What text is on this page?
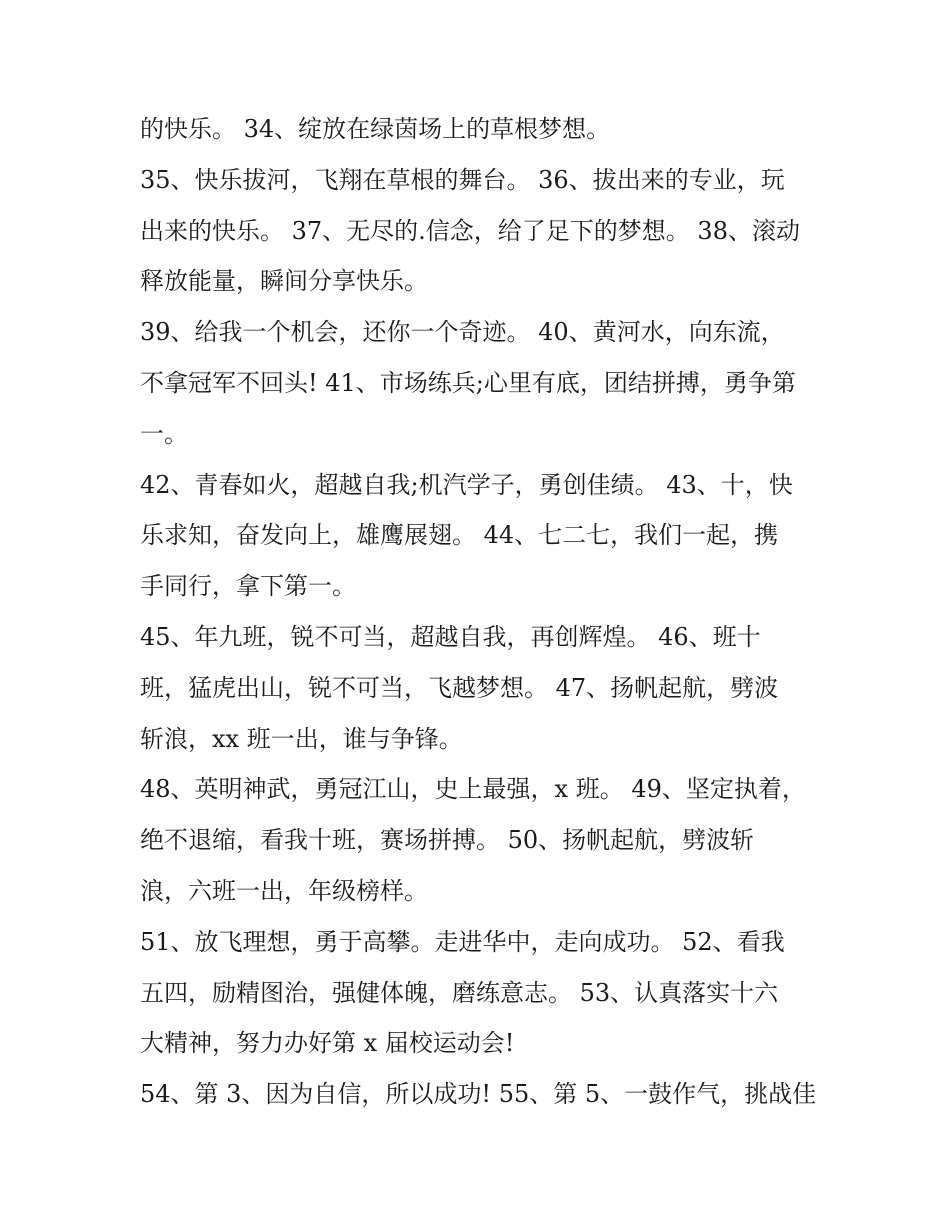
的快乐。 34、绽放在绿茵场上的草根梦想。

35、快乐拔河，飞翔在草根的舞台。 36、拔出来的专业，玩

出来的快乐。 37、无尽的.信念，给了足下的梦想。 38、滚动

释放能量，瞬间分享快乐。

39、给我一个机会，还你一个奇迹。 40、黄河水，向东流，

不拿冠军不回头! 41、市场练兵;心里有底，团结拼搏，勇争第

一。

42、青春如火，超越自我;机汽学子，勇创佳绩。 43、十，快

乐求知，奋发向上，雄鹰展翅。 44、七二七，我们一起，携

手同行，拿下第一。

45、年九班，锐不可当，超越自我，再创辉煌。 46、班十

班，猛虎出山，锐不可当，飞越梦想。 47、扬帆起航，劈波

斩浪，xx 班一出，谁与争锋。

48、英明神武，勇冠江山，史上最强，x 班。 49、坚定执着，

绝不退缩，看我十班，赛场拼搏。 50、扬帆起航，劈波斩

浪，六班一出，年级榜样。

51、放飞理想，勇于高攀。走进华中，走向成功。 52、看我

五四，励精图治，强健体魄，磨练意志。 53、认真落实十六

大精神，努力办好第 x 届校运动会!

54、第 3、因为自信，所以成功! 55、第 5、一鼓作气，挑战佳
